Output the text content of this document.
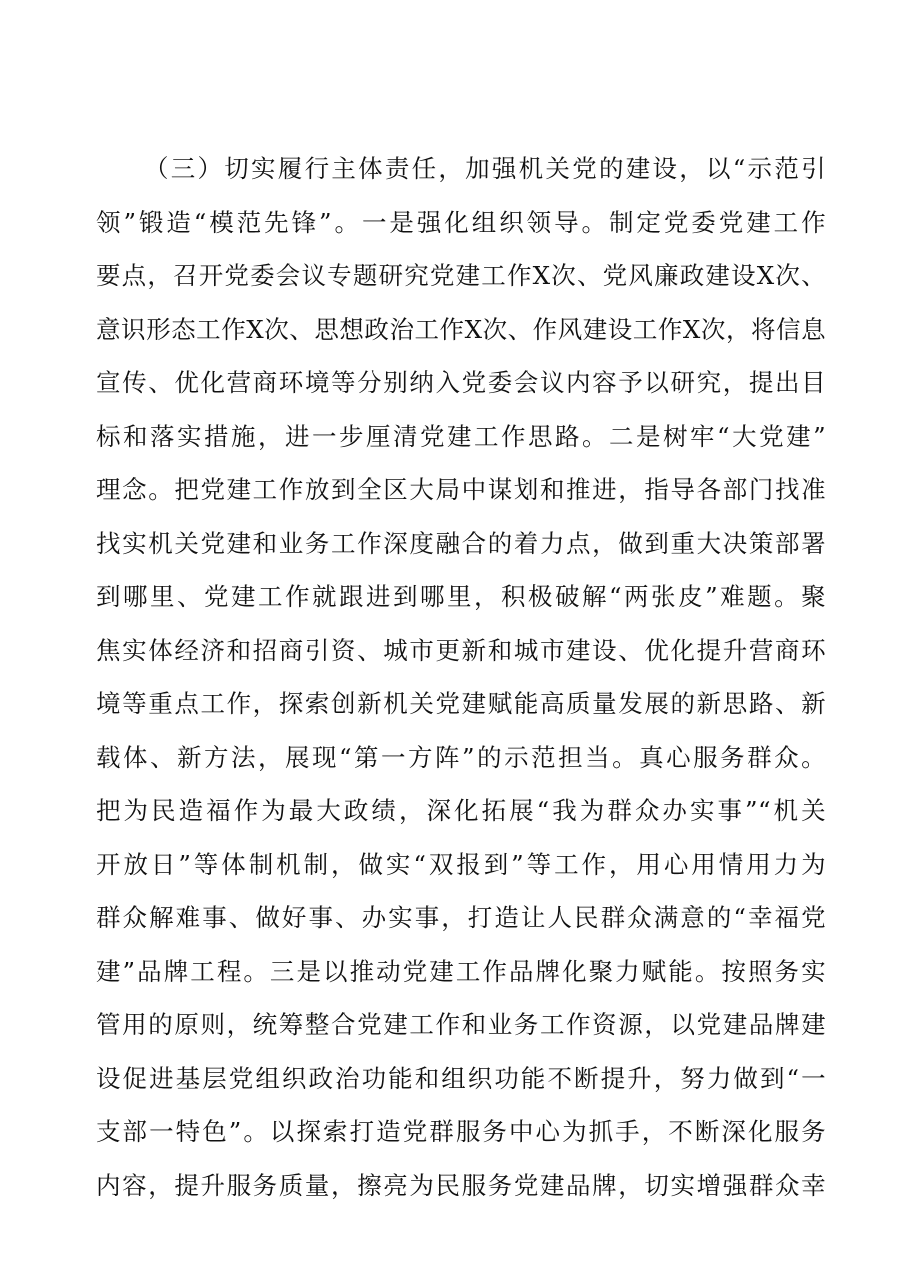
（三）切实履行主体责任，加强机关党的建设，以“示范引
领”锻造“模范先锋”。一是强化组织领导。制定党委党建工作
要点，召开党委会议专题研究党建工作X次、党风廉政建设X次、
意识形态工作X次、思想政治工作X次、作风建设工作X次，将信息
宣传、优化营商环境等分别纳入党委会议内容予以研究，提出目
标和落实措施，进一步厘清党建工作思路。二是树牢“大党建”
理念。把党建工作放到全区大局中谋划和推进，指导各部门找准
找实机关党建和业务工作深度融合的着力点，做到重大决策部署
到哪里、党建工作就跟进到哪里，积极破解“两张皮”难题。聚
焦实体经济和招商引资、城市更新和城市建设、优化提升营商环
境等重点工作，探索创新机关党建赋能高质量发展的新思路、新
载体、新方法，展现“第一方阵”的示范担当。真心服务群众。
把为民造福作为最大政绩，深化拓展“我为群众办实事”“机关
开放日”等体制机制，做实“双报到”等工作，用心用情用力为
群众解难事、做好事、办实事，打造让人民群众满意的“幸福党
建”品牌工程。三是以推动党建工作品牌化聚力赋能。按照务实
管用的原则，统筹整合党建工作和业务工作资源，以党建品牌建
设促进基层党组织政治功能和组织功能不断提升，努力做到“一
支部一特色”。以探索打造党群服务中心为抓手，不断深化服务
内容，提升服务质量，擦亮为民服务党建品牌，切实增强群众幸
